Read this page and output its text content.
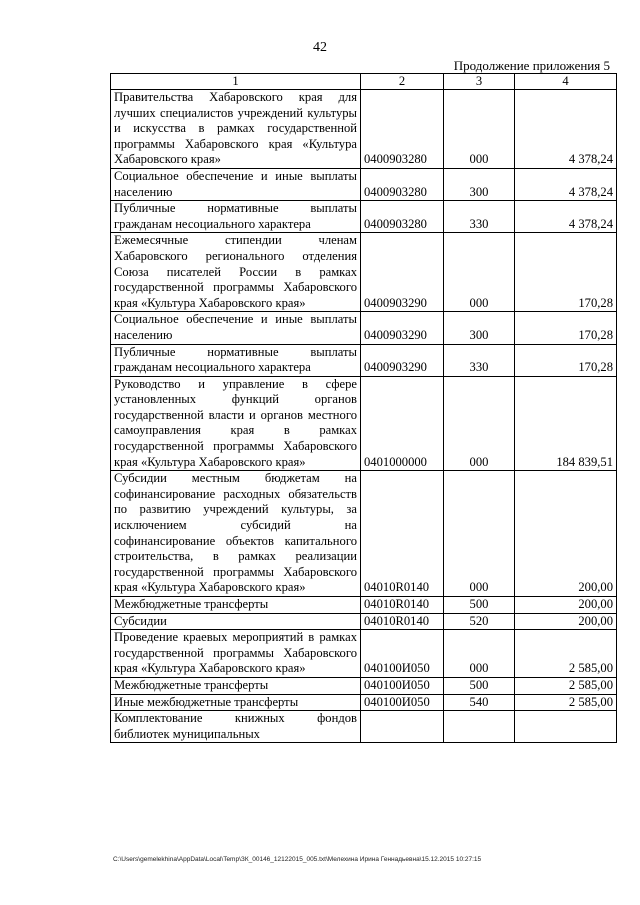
42
Продолжение приложения 5
1	2	3	4
Правительства Хабаровского края для лучших специалистов учреждений культуры и искусства в рамках государственной программы Хабаровского края «Культура Хабаровского края»	0400903280	000	4 378,24
Социальное обеспечение и иные выплаты населению	0400903280	300	4 378,24
Публичные нормативные выплаты гражданам несоциального характера	0400903280	330	4 378,24
Ежемесячные стипендии членам Хабаровского регионального отделения Союза писателей России в рамках государственной программы Хабаровского края «Культура Хабаровского края»	0400903290	000	170,28
Социальное обеспечение и иные выплаты населению	0400903290	300	170,28
Публичные нормативные выплаты гражданам несоциального характера	0400903290	330	170,28
Руководство и управление в сфере установленных функций органов государственной власти и органов местного самоуправления края в рамках государственной программы Хабаровского края «Культура Хабаровского края»	0401000000	000	184 839,51
Субсидии местным бюджетам на софинансирование расходных обязательств по развитию учреждений культуры, за исключением субсидий на софинансирование объектов капитального строительства, в рамках реализации государственной программы Хабаровского края «Культура Хабаровского края»	04010R0140	000	200,00
Межбюджетные трансферты	04010R0140	500	200,00
Субсидии	04010R0140	520	200,00
Проведение краевых мероприятий в рамках государственной программы Хабаровского края «Культура Хабаровского края»	040100И050	000	2 585,00
Межбюджетные трансферты	040100И050	500	2 585,00
Иные межбюджетные трансферты	040100И050	540	2 585,00
Комплектование книжных фондов библиотек муниципальных			
C:\Users\gemelekhina\AppData\Local\Temp\ЗК_00146_12122015_005.txt\Мелехина Ирина Геннадьевна\15.12.2015 10:27:15
